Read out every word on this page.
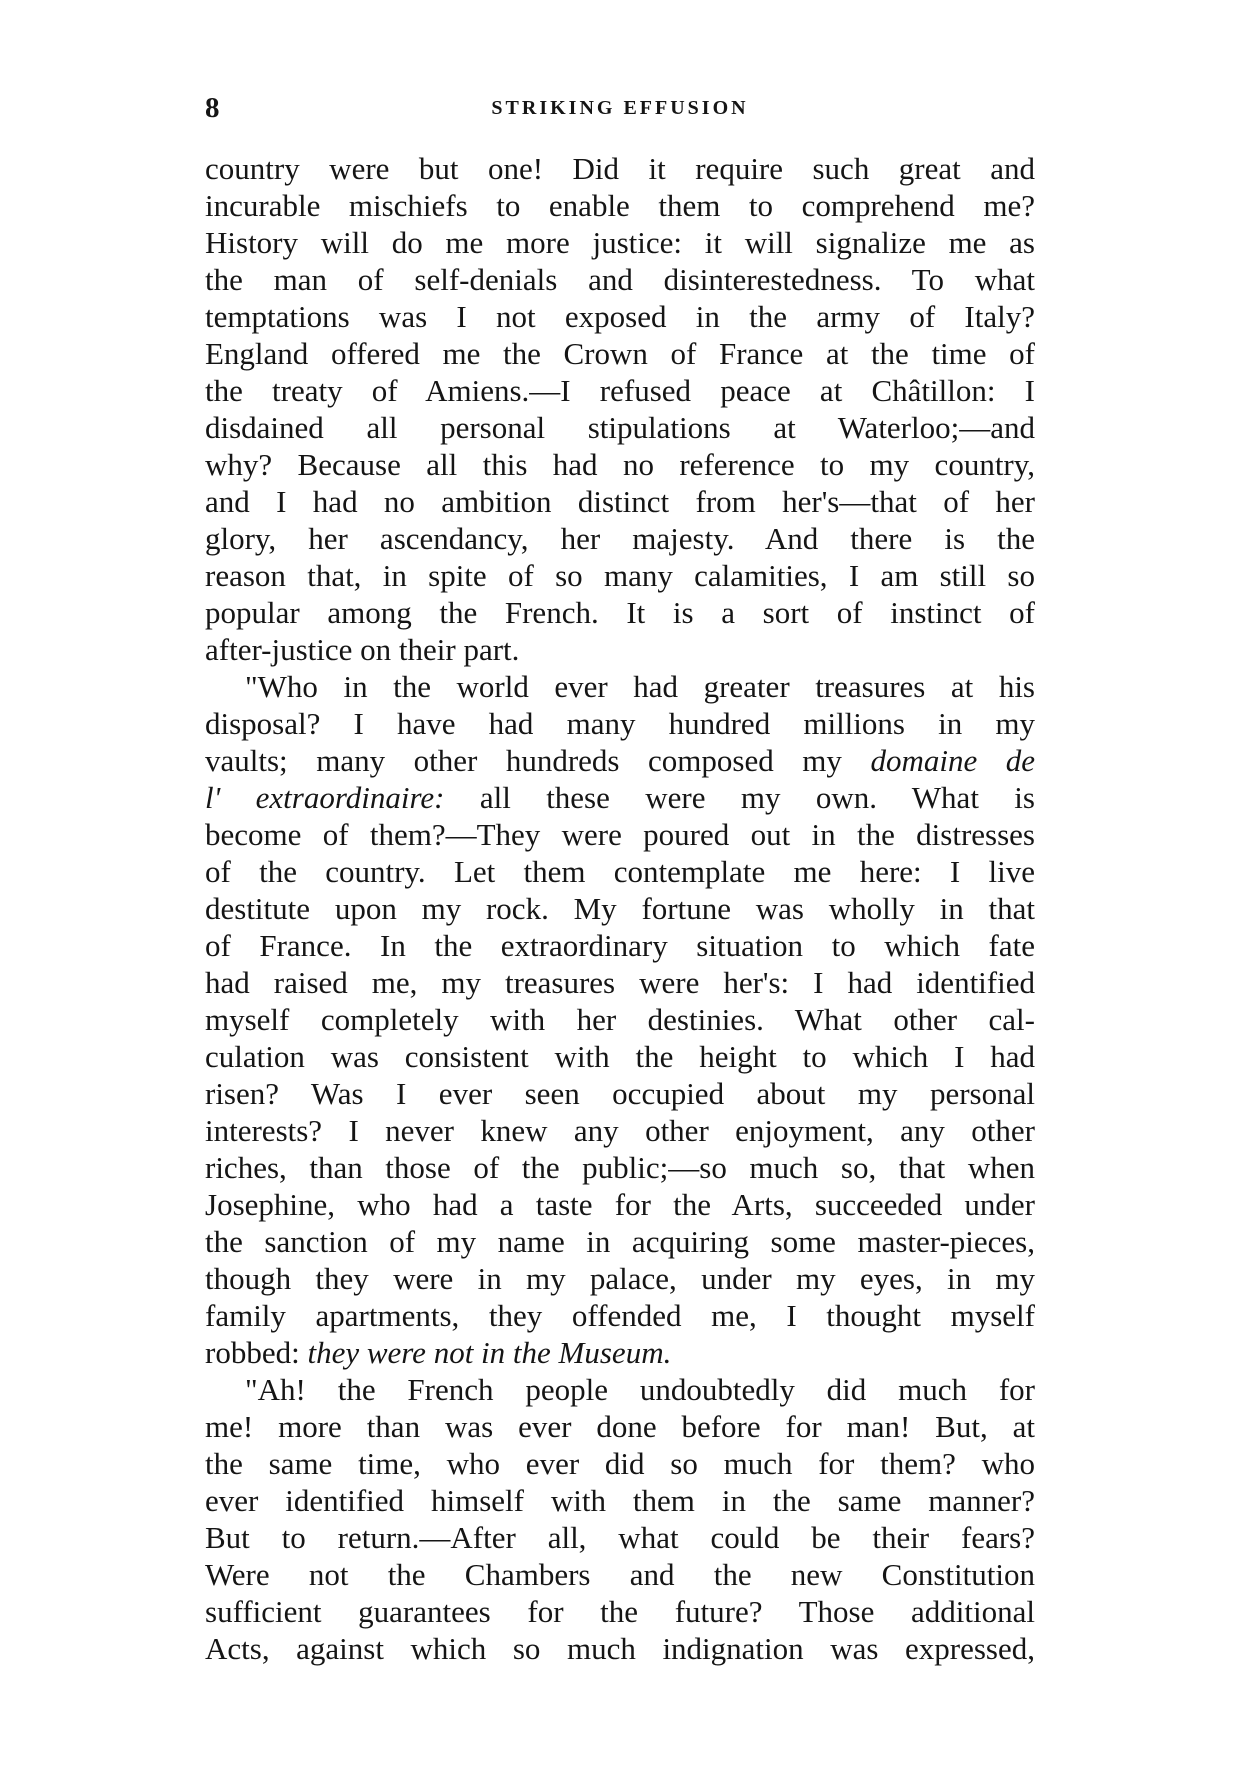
8	STRIKING EFFUSION
country were but one! Did it require such great and
incurable mischiefs to enable them to comprehend me?
History will do me more justice: it will signalize me as
the man of self-denials and disinterestedness. To what
temptations was I not exposed in the army of Italy?
England offered me the Crown of France at the time of
the treaty of Amiens.—I refused peace at Châtillon: I
disdained all personal stipulations at Waterloo;—and
why? Because all this had no reference to my country,
and I had no ambition distinct from her's—that of her
glory, her ascendancy, her majesty. And there is the
reason that, in spite of so many calamities, I am still so
popular among the French. It is a sort of instinct of
after-justice on their part.
"Who in the world ever had greater treasures at his
disposal? I have had many hundred millions in my
vaults; many other hundreds composed my domaine de
l' extraordinaire: all these were my own. What is
become of them?—They were poured out in the distresses
of the country. Let them contemplate me here: I live
destitute upon my rock. My fortune was wholly in that
of France. In the extraordinary situation to which fate
had raised me, my treasures were her's: I had identified
myself completely with her destinies. What other cal-
culation was consistent with the height to which I had
risen? Was I ever seen occupied about my personal
interests? I never knew any other enjoyment, any other
riches, than those of the public;—so much so, that when
Josephine, who had a taste for the Arts, succeeded under
the sanction of my name in acquiring some master-pieces,
though they were in my palace, under my eyes, in my
family apartments, they offended me, I thought myself
robbed: they were not in the Museum.
"Ah! the French people undoubtedly did much for
me! more than was ever done before for man! But, at
the same time, who ever did so much for them? who
ever identified himself with them in the same manner?
But to return.—After all, what could be their fears?
Were not the Chambers and the new Constitution
sufficient guarantees for the future? Those additional
Acts, against which so much indignation was expressed,
